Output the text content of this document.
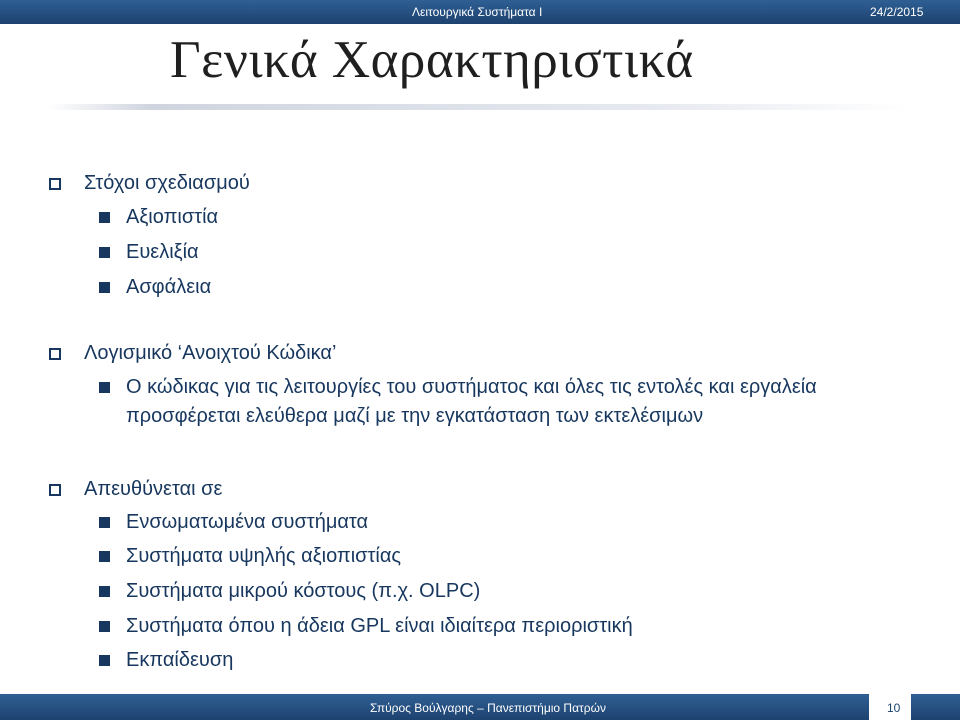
Λειτουργικά Συστήματα Ι	24/2/2015
Γενικά Χαρακτηριστικά
Στόχοι σχεδιασμού
Αξιοπιστία
Ευελιξία
Ασφάλεια
Λογισμικό ‘Ανοιχτού Κώδικα’
Ο κώδικας για τις λειτουργίες του συστήματος και όλες τις εντολές και εργαλεία
προσφέρεται ελεύθερα μαζί με την εγκατάσταση των εκτελέσιμων
Απευθύνεται σε
Ενσωματωμένα συστήματα
Συστήματα υψηλής αξιοπιστίας
Συστήματα μικρού κόστους (π.χ. OLPC)
Συστήματα όπου η άδεια GPL είναι ιδιαίτερα περιοριστική
Εκπαίδευση
Σπύρος Βούλγαρης – Πανεπιστήμιο Πατρών	10
